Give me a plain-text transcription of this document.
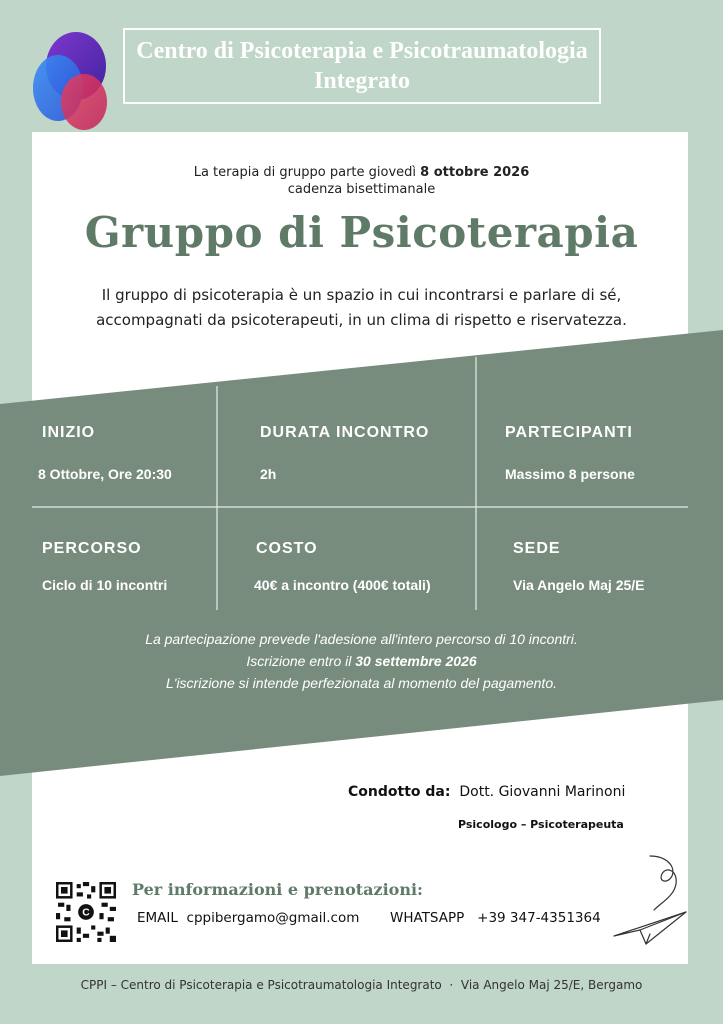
Centro di Psicoterapia e Psicotraumatologia
Integrato
La terapia di gruppo parte giovedì 8 ottobre 2026
cadenza bisettimanale
Gruppo di Psicoterapia
Il gruppo di psicoterapia è un spazio in cui incontrarsi e parlare di sé,
accompagnati da psicoterapeuti, in un clima di rispetto e riservatezza.
INIZIO
8 Ottobre, Ore 20:30
DURATA INCONTRO
2h
PARTECIPANTI
Massimo 8 persone
PERCORSO
Ciclo di 10 incontri
COSTO
40€ a incontro (400€ totali)
SEDE
Via Angelo Maj 25/E
La partecipazione prevede l'adesione all'intero percorso di 10 incontri.
Iscrizione entro il 30 settembre 2026
L'iscrizione si intende perfezionata al momento del pagamento.
Condotto da: Dott. Giovanni Marinoni
Psicologo – Psicoterapeuta
C
Per informazioni e prenotazioni:
EMAIL cppibergamo@gmail.com WHATSAPP +39 347-4351364
CPPI – Centro di Psicoterapia e Psicotraumatologia Integrato · Via Angelo Maj 25/E, Bergamo
